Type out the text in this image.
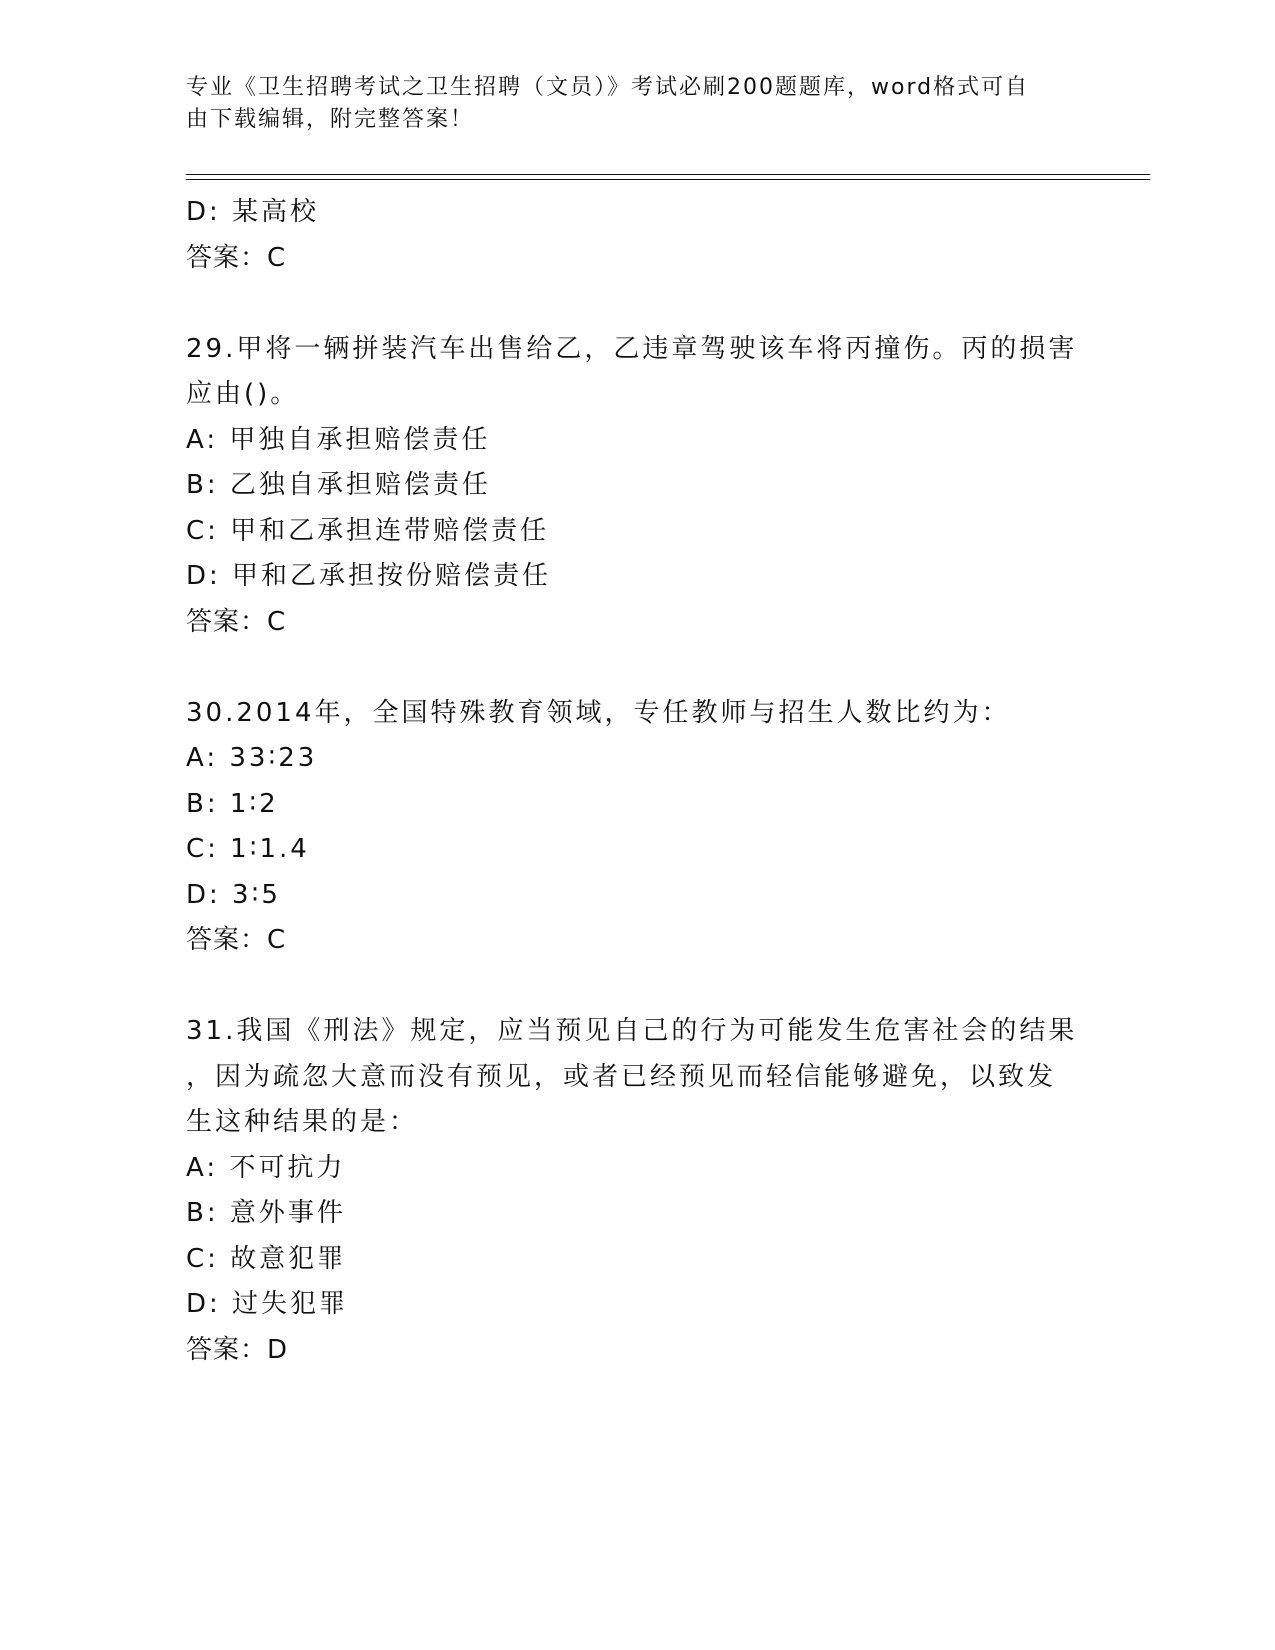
专业《卫生招聘考试之卫生招聘（文员）》考试必刷200题题库，word格式可自
由下载编辑，附完整答案！
D: 某高校
答案：C
29.甲将一辆拼装汽车出售给乙，乙违章驾驶该车将丙撞伤。丙的损害
应由()。
A: 甲独自承担赔偿责任
B: 乙独自承担赔偿责任
C: 甲和乙承担连带赔偿责任
D: 甲和乙承担按份赔偿责任
答案：C
30.2014年，全国特殊教育领域，专任教师与招生人数比约为：
A: 33∶23
B: 1∶2
C: 1∶1.4
D: 3∶5
答案：C
31.我国《刑法》规定，应当预见自己的行为可能发生危害社会的结果
，因为疏忽大意而没有预见，或者已经预见而轻信能够避免，以致发
生这种结果的是：
A: 不可抗力
B: 意外事件
C: 故意犯罪
D: 过失犯罪
答案：D
